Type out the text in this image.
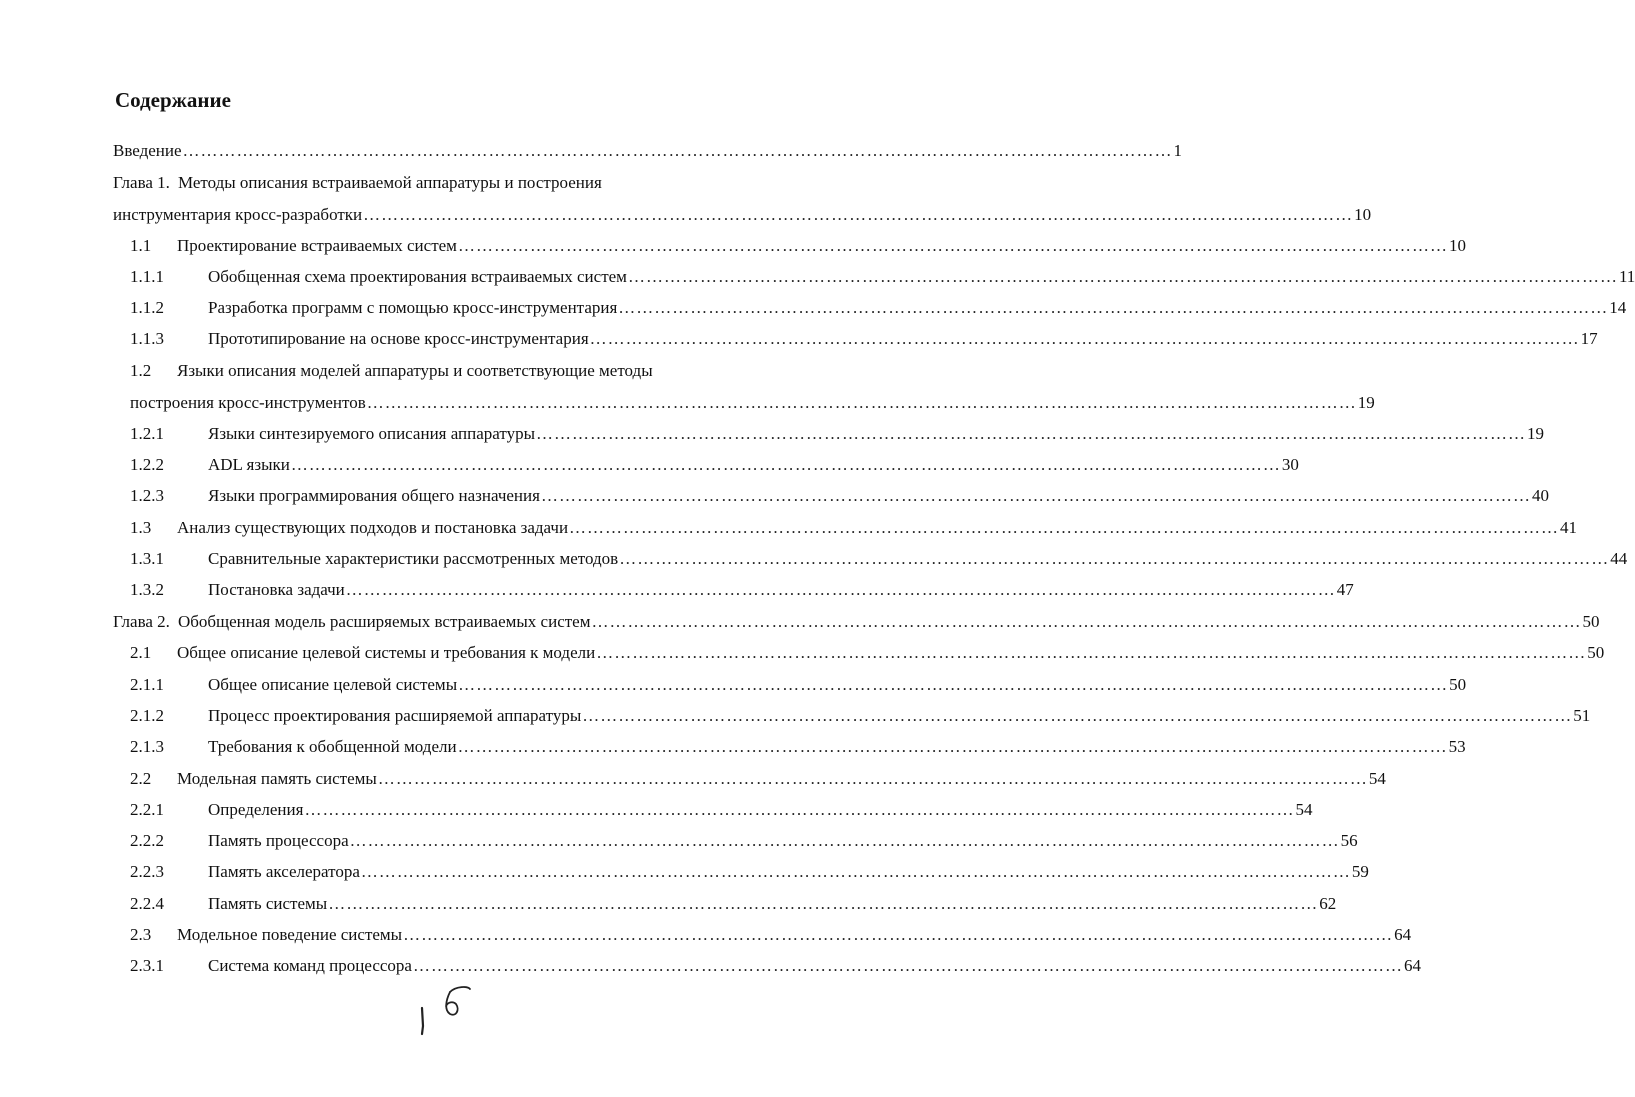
Содержание
Введение ………………………………………………………………………………………………………………………………………………… 1
Глава 1. Методы описания встраиваемой аппаратуры и построения
инструментария кросс-разработки ………………………………………………………………………………………………………………………………………………… 10
1.1	Проектирование встраиваемых систем ………………………………………………………………………………………………………………………………………………… 10
1.1.1	Обобщенная схема проектирования встраиваемых систем ………………………………………………………………………………………………………………………………………………… 11
1.1.2	Разработка программ с помощью кросс-инструментария ………………………………………………………………………………………………………………………………………………… 14
1.1.3	Прототипирование на основе кросс-инструментария ………………………………………………………………………………………………………………………………………………… 17
1.2	Языки описания моделей аппаратуры и соответствующие методы
построения кросс-инструментов ………………………………………………………………………………………………………………………………………………… 19
1.2.1	Языки синтезируемого описания аппаратуры ………………………………………………………………………………………………………………………………………………… 19
1.2.2	ADL языки ………………………………………………………………………………………………………………………………………………… 30
1.2.3	Языки программирования общего назначения ………………………………………………………………………………………………………………………………………………… 40
1.3	Анализ существующих подходов и постановка задачи ………………………………………………………………………………………………………………………………………………… 41
1.3.1	Сравнительные характеристики рассмотренных методов ………………………………………………………………………………………………………………………………………………… 44
1.3.2	Постановка задачи ………………………………………………………………………………………………………………………………………………… 47
Глава 2. Обобщенная модель расширяемых встраиваемых систем ………………………………………………………………………………………………………………………………………………… 50
2.1	Общее описание целевой системы и требования к модели ………………………………………………………………………………………………………………………………………………… 50
2.1.1	Общее описание целевой системы ………………………………………………………………………………………………………………………………………………… 50
2.1.2	Процесс проектирования расширяемой аппаратуры ………………………………………………………………………………………………………………………………………………… 51
2.1.3	Требования к обобщенной модели ………………………………………………………………………………………………………………………………………………… 53
2.2	Модельная память системы ………………………………………………………………………………………………………………………………………………… 54
2.2.1	Определения ………………………………………………………………………………………………………………………………………………… 54
2.2.2	Память процессора ………………………………………………………………………………………………………………………………………………… 56
2.2.3	Память акселератора ………………………………………………………………………………………………………………………………………………… 59
2.2.4	Память системы ………………………………………………………………………………………………………………………………………………… 62
2.3	Модельное поведение системы ………………………………………………………………………………………………………………………………………………… 64
2.3.1	Система команд процессора ………………………………………………………………………………………………………………………………………………… 64
